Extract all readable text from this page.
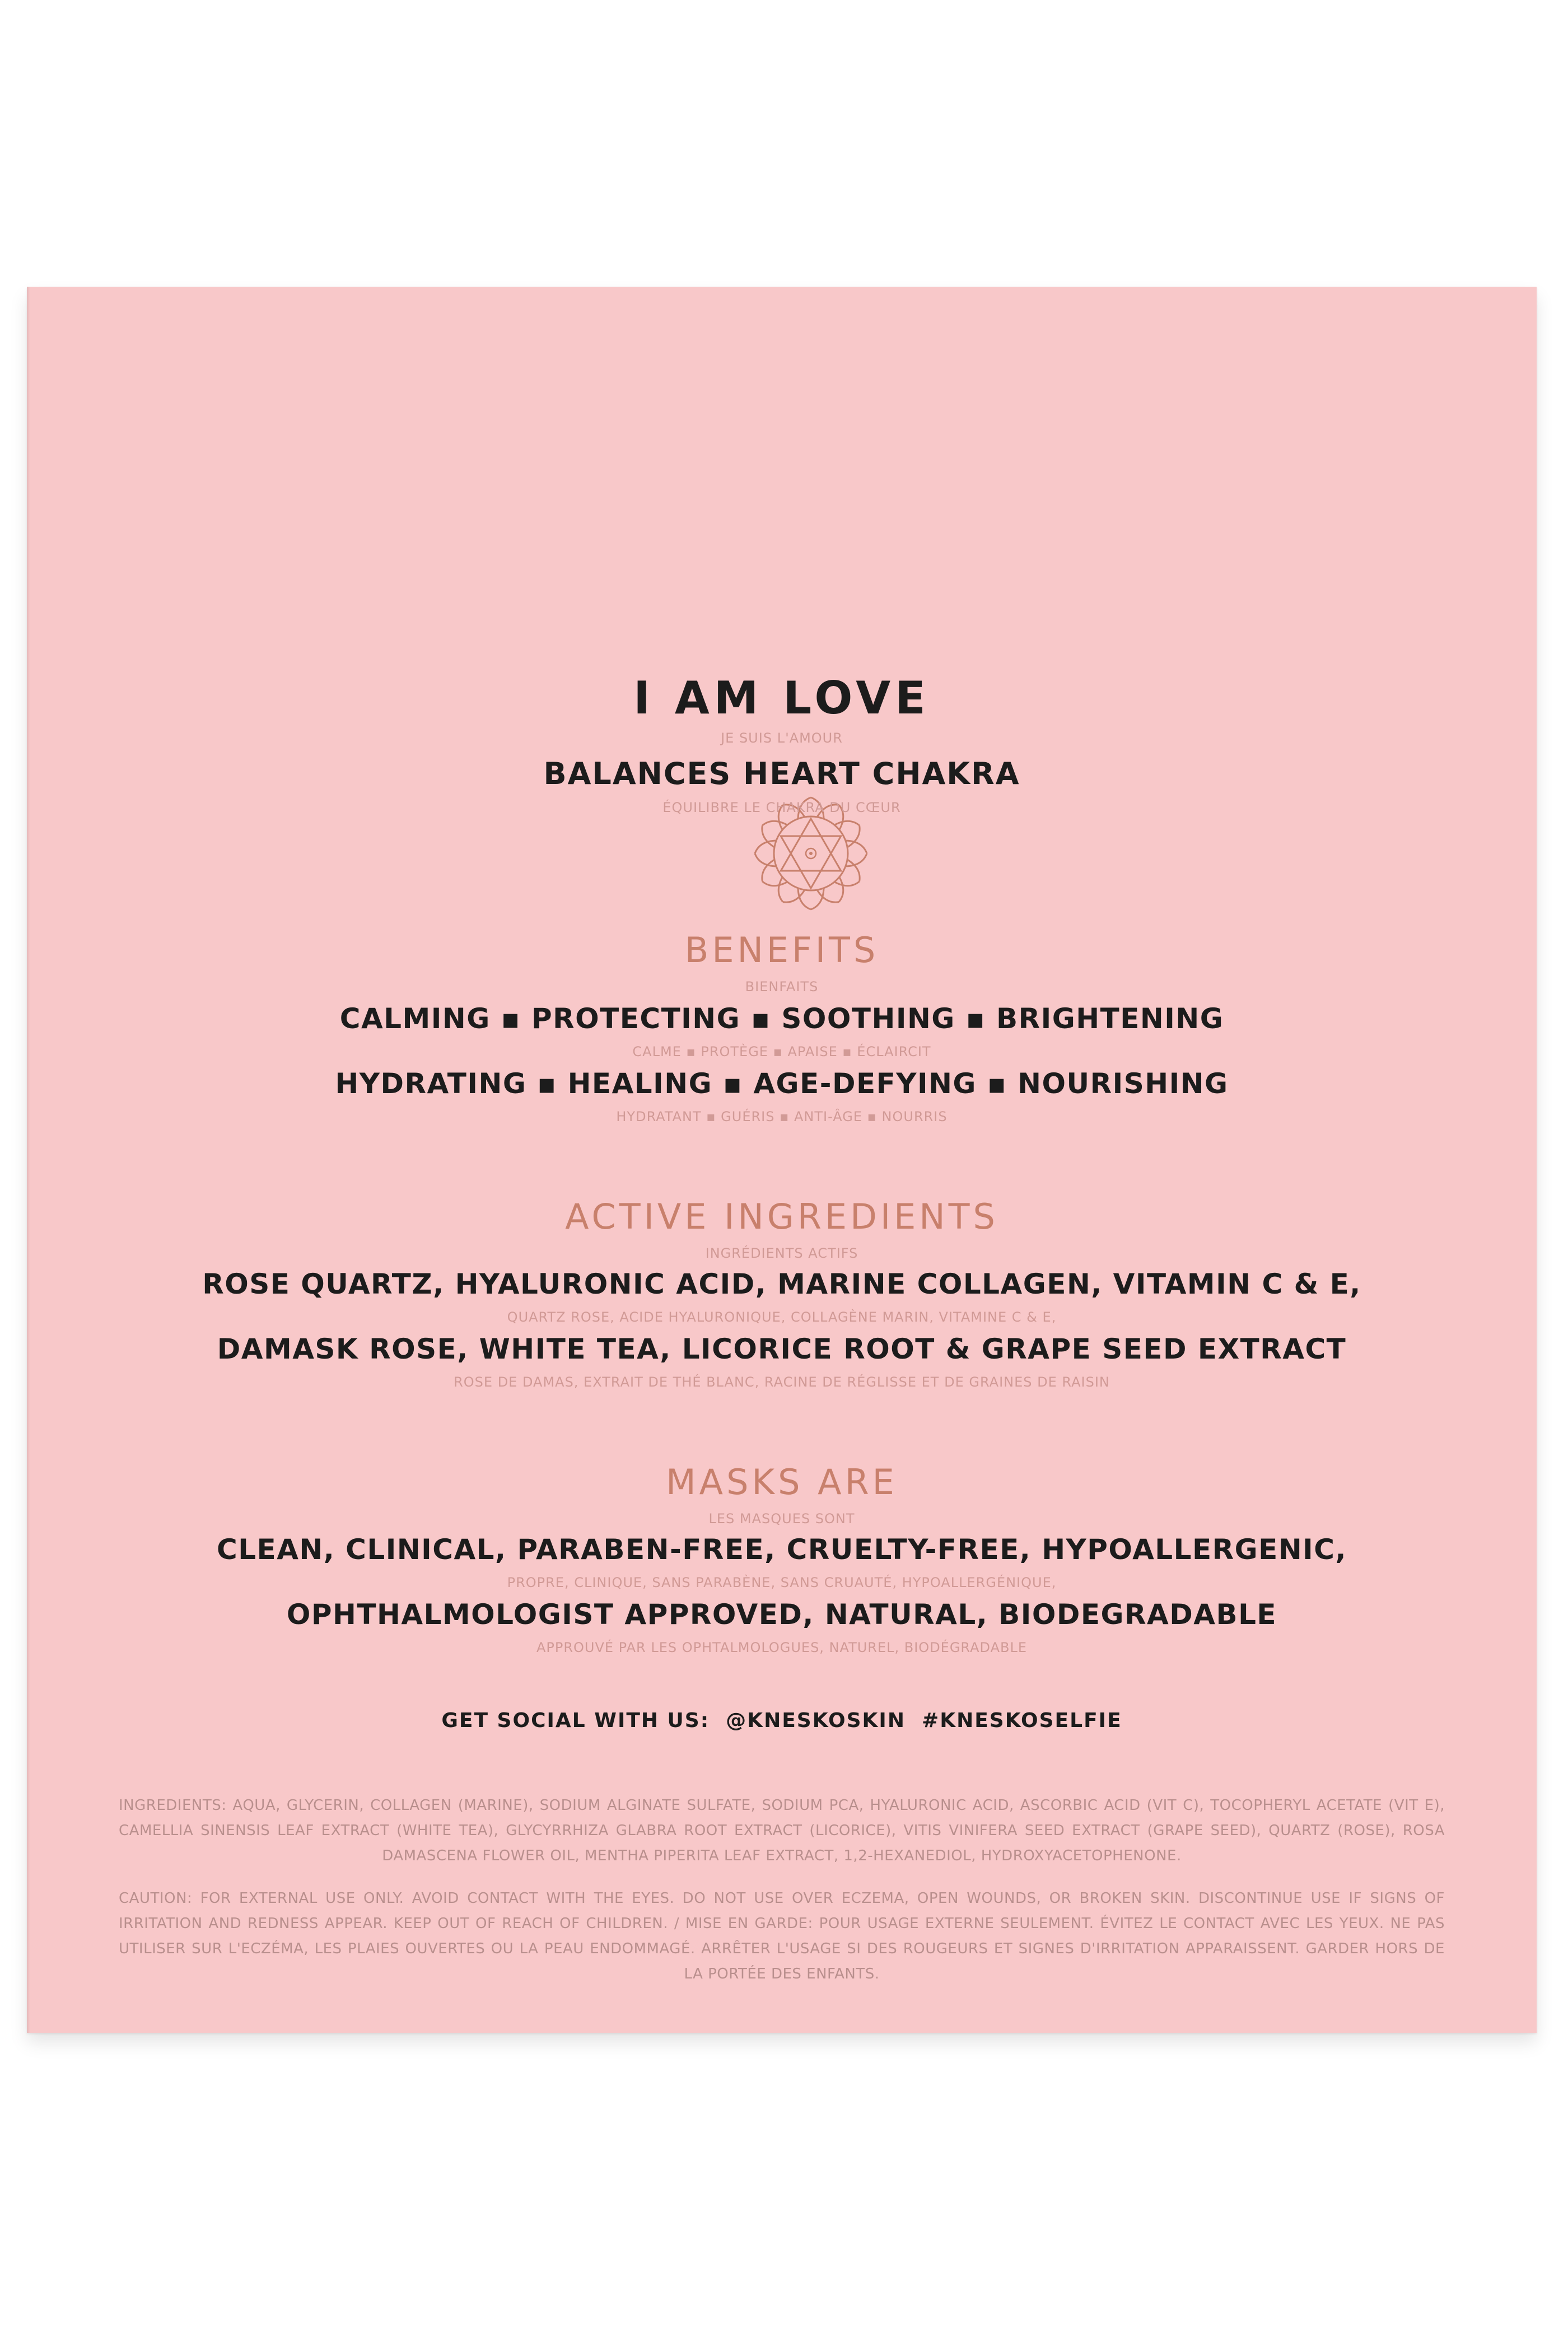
I AM LOVE
JE SUIS L'AMOUR
BALANCES HEART CHAKRA
ÉQUILIBRE LE CHAKRA DU CŒUR
BENEFITS
BIENFAITS
CALMING ▪ PROTECTING ▪ SOOTHING ▪ BRIGHTENING
CALME ▪ PROTÈGE ▪ APAISE ▪ ÉCLAIRCIT
HYDRATING ▪ HEALING ▪ AGE-DEFYING ▪ NOURISHING
HYDRATANT ▪ GUÉRIS ▪ ANTI-ÂGE ▪ NOURRIS
ACTIVE INGREDIENTS
INGRÉDIENTS ACTIFS
ROSE QUARTZ, HYALURONIC ACID, MARINE COLLAGEN, VITAMIN C & E,
QUARTZ ROSE, ACIDE HYALURONIQUE, COLLAGÈNE MARIN, VITAMINE C & E,
DAMASK ROSE, WHITE TEA, LICORICE ROOT & GRAPE SEED EXTRACT
ROSE DE DAMAS, EXTRAIT DE THÉ BLANC, RACINE DE RÉGLISSE ET DE GRAINES DE RAISIN
MASKS ARE
LES MASQUES SONT
CLEAN, CLINICAL, PARABEN-FREE, CRUELTY-FREE, HYPOALLERGENIC,
PROPRE, CLINIQUE, SANS PARABÈNE, SANS CRUAUTÉ, HYPOALLERGÉNIQUE,
OPHTHALMOLOGIST APPROVED, NATURAL, BIODEGRADABLE
APPROUVÉ PAR LES OPHTALMOLOGUES, NATUREL, BIODÉGRADABLE
GET SOCIAL WITH US:  @KNESKOSKIN  #KNESKOSELFIE
INGREDIENTS: AQUA, GLYCERIN, COLLAGEN (MARINE), SODIUM ALGINATE SULFATE, SODIUM PCA, HYALURONIC ACID, ASCORBIC ACID (VIT C), TOCOPHERYL ACETATE (VIT E), CAMELLIA SINENSIS LEAF EXTRACT (WHITE TEA), GLYCYRRHIZA GLABRA ROOT EXTRACT (LICORICE), VITIS VINIFERA SEED EXTRACT (GRAPE SEED), QUARTZ (ROSE), ROSA DAMASCENA FLOWER OIL, MENTHA PIPERITA LEAF EXTRACT, 1,2-HEXANEDIOL, HYDROXYACETOPHENONE.
CAUTION: FOR EXTERNAL USE ONLY. AVOID CONTACT WITH THE EYES. DO NOT USE OVER ECZEMA, OPEN WOUNDS, OR BROKEN SKIN. DISCONTINUE USE IF SIGNS OF IRRITATION AND REDNESS APPEAR. KEEP OUT OF REACH OF CHILDREN. / MISE EN GARDE: POUR USAGE EXTERNE SEULEMENT. ÉVITEZ LE CONTACT AVEC LES YEUX. NE PAS UTILISER SUR L'ECZÉMA, LES PLAIES OUVERTES OU LA PEAU ENDOMMAGÉ. ARRÊTER L'USAGE SI DES ROUGEURS ET SIGNES D'IRRITATION APPARAISSENT. GARDER HORS DE LA PORTÉE DES ENFANTS.
